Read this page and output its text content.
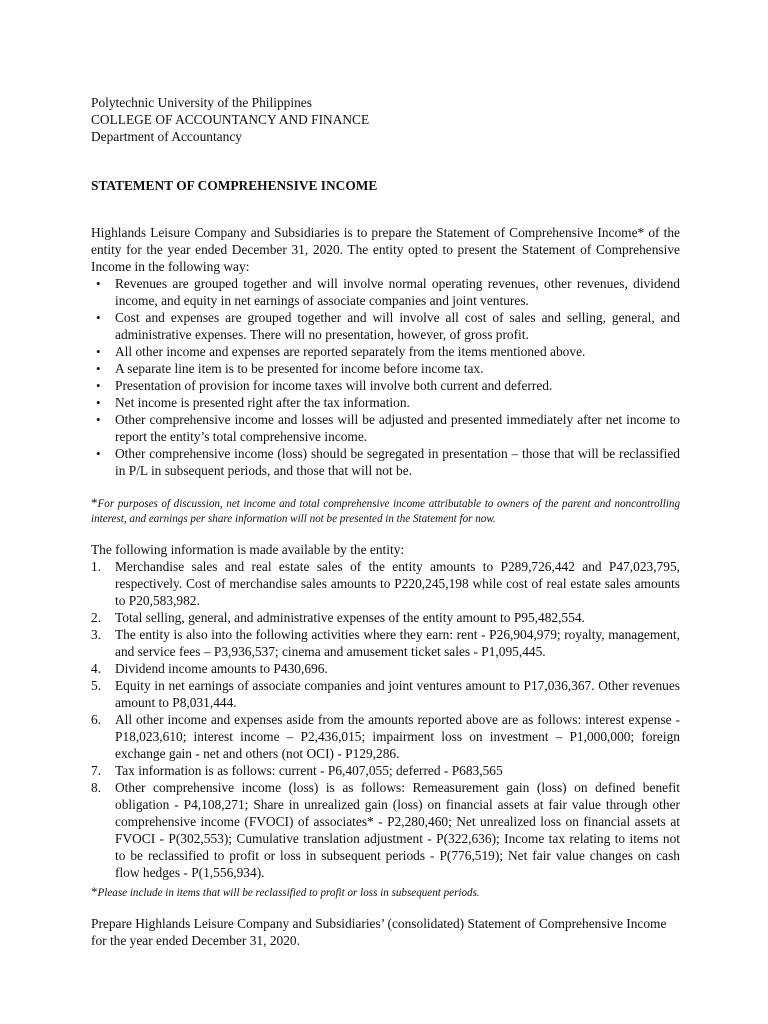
Polytechnic University of the Philippines
COLLEGE OF ACCOUNTANCY AND FINANCE
Department of Accountancy
STATEMENT OF COMPREHENSIVE INCOME
Highlands Leisure Company and Subsidiaries is to prepare the Statement of Comprehensive Income* of the entity for the year ended December 31, 2020. The entity opted to present the Statement of Comprehensive Income in the following way:
• Revenues are grouped together and will involve normal operating revenues, other revenues, dividend income, and equity in net earnings of associate companies and joint ventures.
• Cost and expenses are grouped together and will involve all cost of sales and selling, general, and administrative expenses. There will no presentation, however, of gross profit.
• All other income and expenses are reported separately from the items mentioned above.
• A separate line item is to be presented for income before income tax.
• Presentation of provision for income taxes will involve both current and deferred.
• Net income is presented right after the tax information.
• Other comprehensive income and losses will be adjusted and presented immediately after net income to report the entity’s total comprehensive income.
• Other comprehensive income (loss) should be segregated in presentation – those that will be reclassified in P/L in subsequent periods, and those that will not be.
*For purposes of discussion, net income and total comprehensive income attributable to owners of the parent and noncontrolling interest, and earnings per share information will not be presented in the Statement for now.
The following information is made available by the entity:
1. Merchandise sales and real estate sales of the entity amounts to P289,726,442 and P47,023,795, respectively. Cost of merchandise sales amounts to P220,245,198 while cost of real estate sales amounts to P20,583,982.
2. Total selling, general, and administrative expenses of the entity amount to P95,482,554.
3. The entity is also into the following activities where they earn: rent - P26,904,979; royalty, management, and service fees – P3,936,537; cinema and amusement ticket sales - P1,095,445.
4. Dividend income amounts to P430,696.
5. Equity in net earnings of associate companies and joint ventures amount to P17,036,367. Other revenues amount to P8,031,444.
6. All other income and expenses aside from the amounts reported above are as follows: interest expense - P18,023,610; interest income – P2,436,015; impairment loss on investment – P1,000,000; foreign exchange gain - net and others (not OCI) - P129,286.
7. Tax information is as follows: current - P6,407,055; deferred - P683,565
8. Other comprehensive income (loss) is as follows: Remeasurement gain (loss) on defined benefit obligation - P4,108,271; Share in unrealized gain (loss) on financial assets at fair value through other comprehensive income (FVOCI) of associates* - P2,280,460; Net unrealized loss on financial assets at FVOCI - P(302,553); Cumulative translation adjustment - P(322,636); Income tax relating to items not to be reclassified to profit or loss in subsequent periods - P(776,519); Net fair value changes on cash flow hedges - P(1,556,934).
*Please include in items that will be reclassified to profit or loss in subsequent periods.
Prepare Highlands Leisure Company and Subsidiaries’ (consolidated) Statement of Comprehensive Income for the year ended December 31, 2020.
